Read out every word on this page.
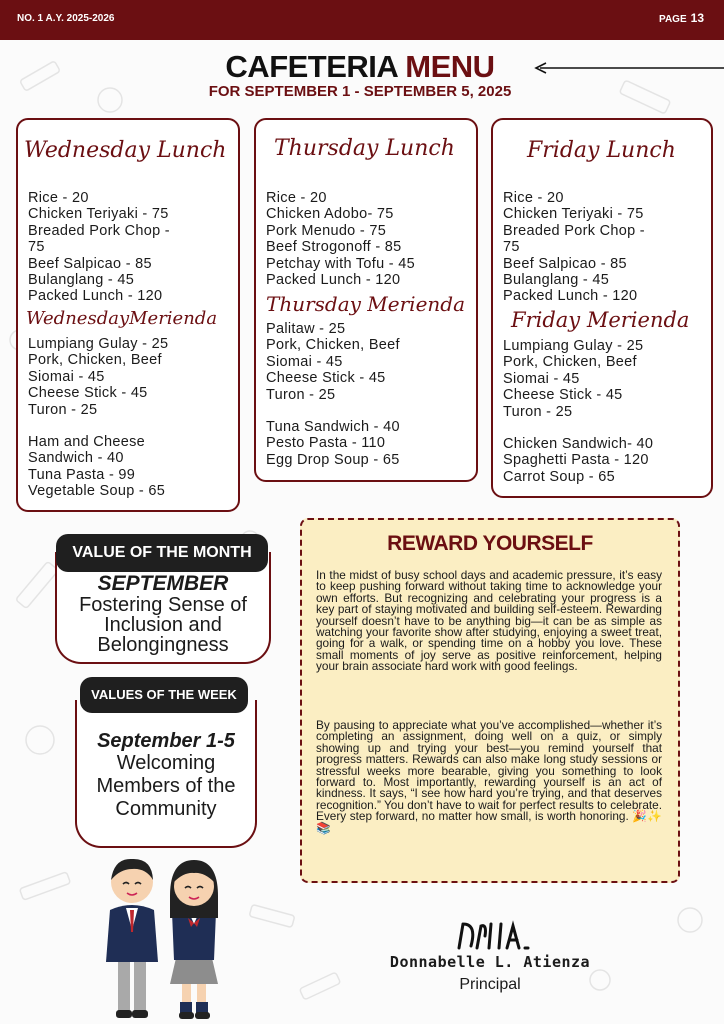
NO. 1 A.Y. 2025-2026	PAGE 13
CAFETERIA MENU
FOR SEPTEMBER 1 - SEPTEMBER 5, 2025
Wednesday Lunch
Rice - 20
Chicken Teriyaki - 75
Breaded Pork Chop -
75
Beef Salpicao - 85
Bulanglang - 45
Packed Lunch - 120
WednesdayMerienda
Lumpiang Gulay - 25
Pork, Chicken, Beef
Siomai - 45
Cheese Stick - 45
Turon - 25
Ham and Cheese
Sandwich - 40
Tuna Pasta - 99
Vegetable Soup - 65
Thursday Lunch
Rice - 20
Chicken Adobo- 75
Pork Menudo - 75
Beef Strogonoff - 85
Petchay with Tofu - 45
Packed Lunch - 120
Thursday Merienda
Palitaw - 25
Pork, Chicken, Beef
Siomai - 45
Cheese Stick - 45
Turon - 25
Tuna Sandwich - 40
Pesto Pasta - 110
Egg Drop Soup - 65
Friday Lunch
Rice - 20
Chicken Teriyaki - 75
Breaded Pork Chop -
75
Beef Salpicao - 85
Bulanglang - 45
Packed Lunch - 120
Friday Merienda
Lumpiang Gulay - 25
Pork, Chicken, Beef
Siomai - 45
Cheese Stick - 45
Turon - 25
Chicken Sandwich- 40
Spaghetti Pasta - 120
Carrot Soup - 65
SEPTEMBER
Fostering Sense of
Inclusion and
Belongingness
VALUE OF THE MONTH
September 1-5
Welcoming
Members of the
Community
VALUES OF THE WEEK
REWARD YOURSELF

In the midst of busy school days and academic pressure, it’s easy to keep pushing forward without taking time to acknowledge your own efforts. But recognizing and celebrating your progress is a key part of staying motivated and building self-esteem. Rewarding yourself doesn’t have to be anything big—it can be as simple as watching your favorite show after studying, enjoying a sweet treat, going for a walk, or spending time on a hobby you love. These small moments of joy serve as positive reinforcement, helping your brain associate hard work with good feelings.

By pausing to appreciate what you’ve accomplished—whether it’s completing an assignment, doing well on a quiz, or simply showing up and trying your best—you remind yourself that progress matters. Rewards can also make long study sessions or stressful weeks more bearable, giving you something to look forward to. Most importantly, rewarding yourself is an act of kindness. It says, “I see how hard you’re trying, and that deserves recognition.” You don’t have to wait for perfect results to celebrate. Every step forward, no matter how small, is worth honoring. 🎉✨📚

Donnabelle L. Atienza
Principal
